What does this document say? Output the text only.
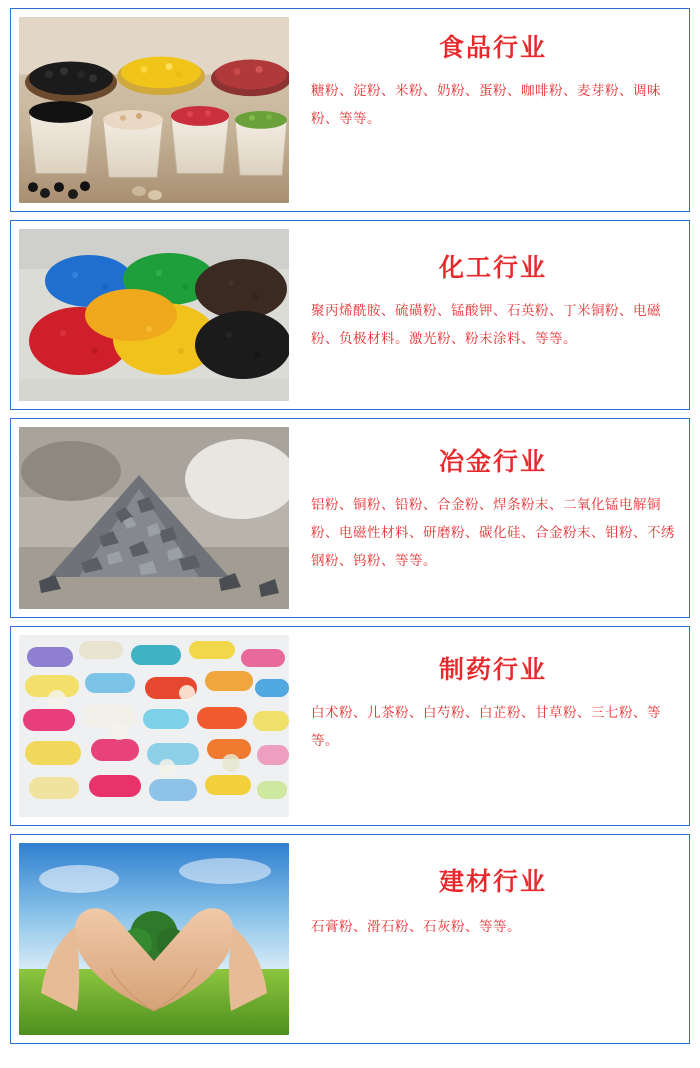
食品行业
糖粉、淀粉、米粉、奶粉、蛋粉、咖啡粉、麦芽粉、调味粉、等等。
化工行业
聚丙烯酰胺、硫磺粉、锰酸钾、石英粉、丁米铜粉、电磁粉、负极材料。激光粉、粉末涂料、等等。
冶金行业
铝粉、铜粉、铅粉、合金粉、焊条粉末、二氧化锰电解铜粉、电磁性材料、研磨粉、碳化硅、合金粉末、钼粉、不绣钢粉、钨粉、等等。
制药行业
白术粉、儿茶粉、白芍粉、白芷粉、甘草粉、三七粉、等等。
建材行业
石膏粉、滑石粉、石灰粉、等等。
